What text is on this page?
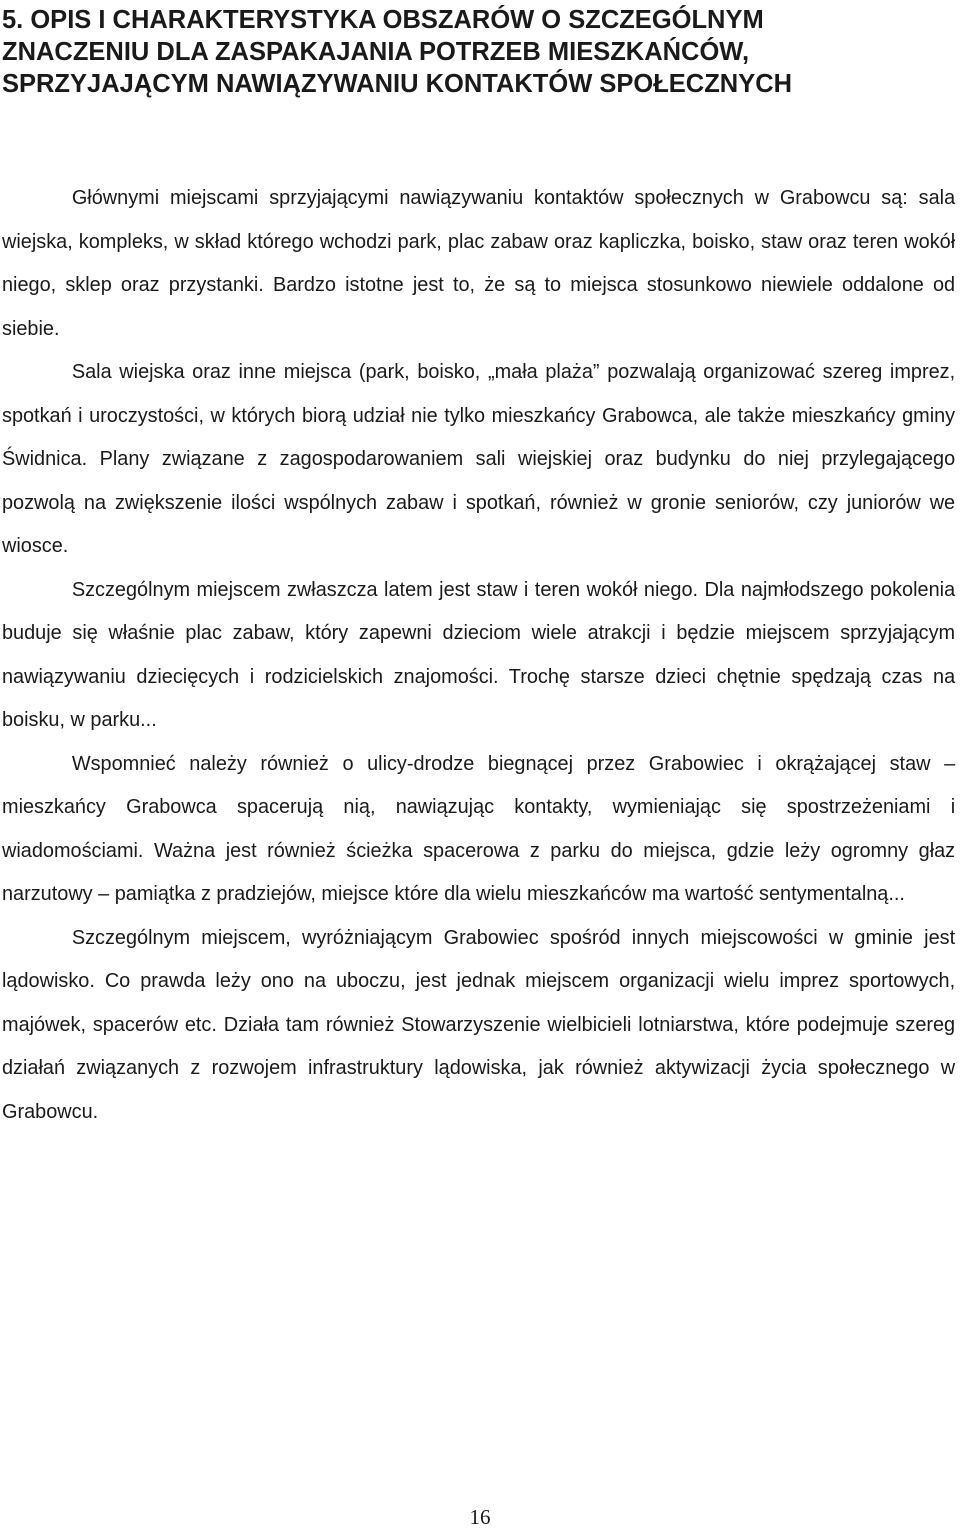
5. OPIS I CHARAKTERYSTYKA OBSZARÓW O SZCZEGÓLNYM
ZNACZENIU DLA ZASPAKAJANIA POTRZEB MIESZKAŃCÓW,
SPRZYJAJĄCYM NAWIĄZYWANIU KONTAKTÓW SPOŁECZNYCH

Głównymi miejscami sprzyjającymi nawiązywaniu kontaktów społecznych w Grabowcu są: sala wiejska, kompleks, w skład którego wchodzi park, plac zabaw oraz kapliczka, boisko, staw oraz teren wokół niego, sklep oraz przystanki. Bardzo istotne jest to, że są to miejsca stosunkowo niewiele oddalone od siebie.

Sala wiejska oraz inne miejsca (park, boisko, „mała plaża” pozwalają organizować szereg imprez, spotkań i uroczystości, w których biorą udział nie tylko mieszkańcy Grabowca, ale także mieszkańcy gminy Świdnica. Plany związane z zagospodarowaniem sali wiejskiej oraz budynku do niej przylegającego pozwolą na zwiększenie ilości wspólnych zabaw i spotkań, również w gronie seniorów, czy juniorów we wiosce.

Szczególnym miejscem zwłaszcza latem jest staw i teren wokół niego. Dla najmłodszego pokolenia buduje się właśnie plac zabaw, który zapewni dzieciom wiele atrakcji i będzie miejscem sprzyjającym nawiązywaniu dziecięcych i rodzicielskich znajomości. Trochę starsze dzieci chętnie spędzają czas na boisku, w parku...

Wspomnieć należy również o ulicy-drodze biegnącej przez Grabowiec i okrążającej staw – mieszkańcy Grabowca spacerują nią, nawiązując kontakty, wymieniając się spostrzeżeniami i wiadomościami. Ważna jest również ścieżka spacerowa z parku do miejsca, gdzie leży ogromny głaz narzutowy – pamiątka z pradziejów, miejsce które dla wielu mieszkańców ma wartość sentymentalną...

Szczególnym miejscem, wyróżniającym Grabowiec spośród innych miejscowości w gminie jest lądowisko. Co prawda leży ono na uboczu, jest jednak miejscem organizacji wielu imprez sportowych, majówek, spacerów etc. Działa tam również Stowarzyszenie wielbicieli lotniarstwa, które podejmuje szereg działań związanych z rozwojem infrastruktury lądowiska, jak również aktywizacji życia społecznego w Grabowcu.

16
